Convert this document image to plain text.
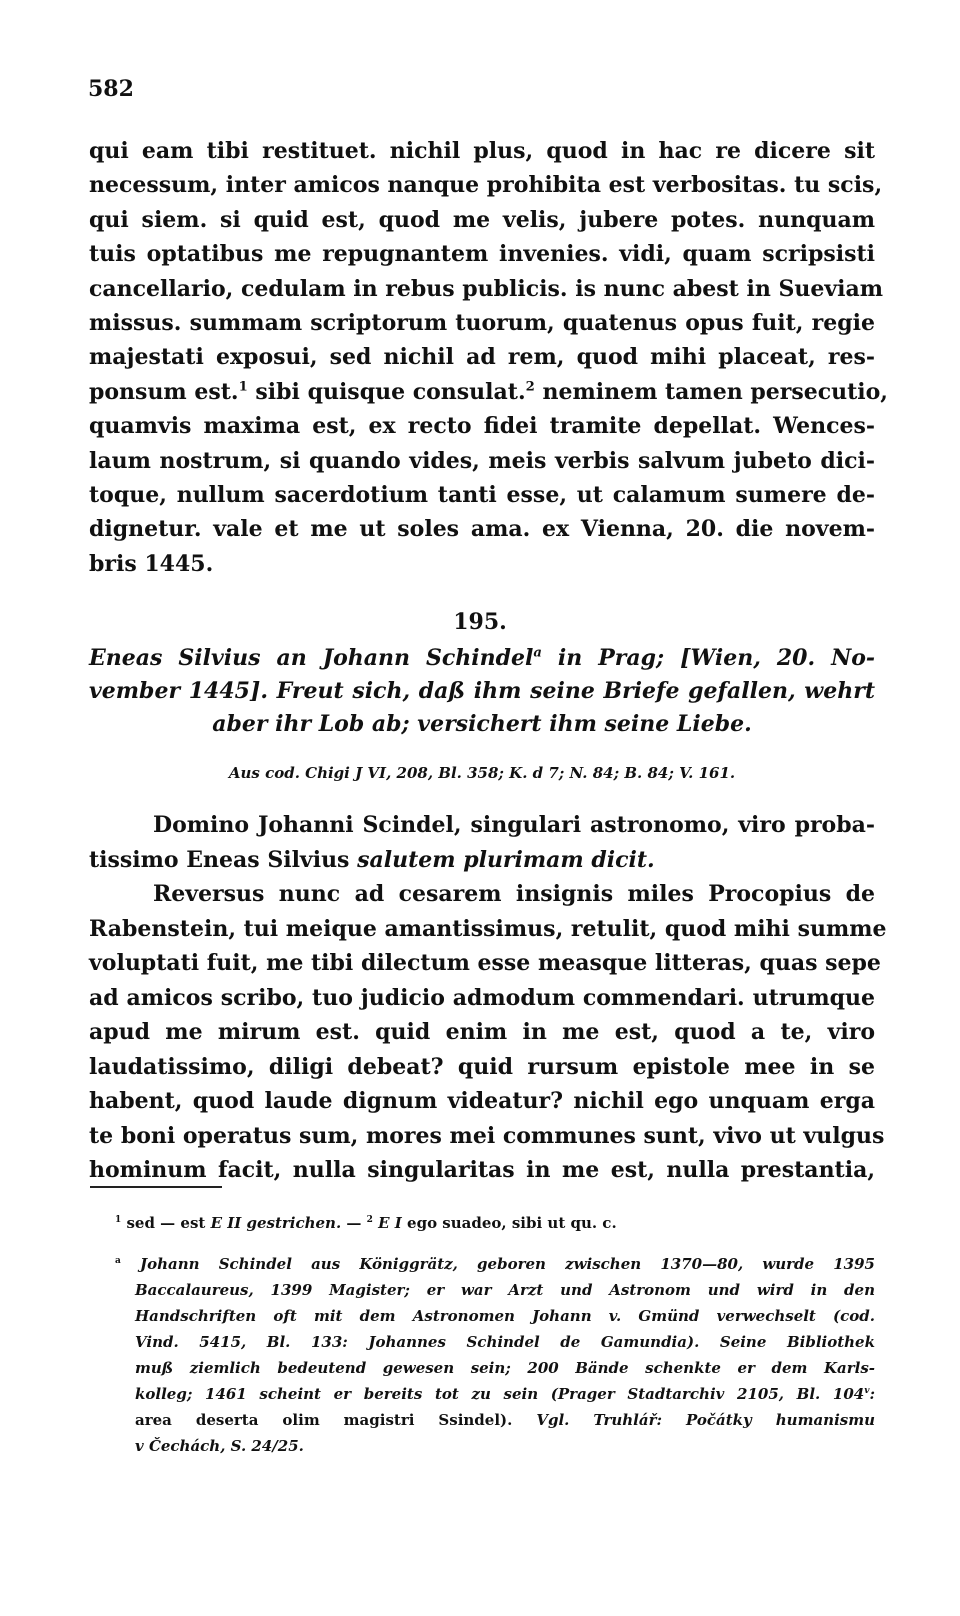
582
qui eam tibi restituet. nichil plus, quod in hac re dicere sit
necessum, inter amicos nanque prohibita est verbositas. tu scis,
qui siem. si quid est, quod me velis, jubere potes. nunquam
tuis optatibus me repugnantem invenies. vidi, quam scripsisti
cancellario, cedulam in rebus publicis. is nunc abest in Sueviam
missus. summam scriptorum tuorum, quatenus opus fuit, regie
majestati exposui, sed nichil ad rem, quod mihi placeat, res-
ponsum est.$^1$ sibi quisque consulat.$^2$ neminem tamen persecutio,
quamvis maxima est, ex recto fidei tramite depellat. Wences-
laum nostrum, si quando vides, meis verbis salvum jubeto dici-
toque, nullum sacerdotium tanti esse, ut calamum sumere de-
dignetur. vale et me ut soles ama. ex Vienna, 20. die novem-
bris 1445.
195.
Eneas Silvius an Johann Schindel$^a$ in Prag; [Wien, 20. No-
vember 1445]. Freut sich, daß ihm seine Briefe gefallen, wehrt
aber ihr Lob ab; versichert ihm seine Liebe.
Aus cod. Chigi J VI, 208, Bl. 358; K. d 7; N. 84; B. 84; V. 161.
Domino Johanni Scindel, singulari astronomo, viro proba-
tissimo Eneas Silvius salutem plurimam dicit.
Reversus nunc ad cesarem insignis miles Procopius de
Rabenstein, tui meique amantissimus, retulit, quod mihi summe
voluptati fuit, me tibi dilectum esse measque litteras, quas sepe
ad amicos scribo, tuo judicio admodum commendari. utrumque
apud me mirum est. quid enim in me est, quod a te, viro
laudatissimo, diligi debeat? quid rursum epistole mee in se
habent, quod laude dignum videatur? nichil ego unquam erga
te boni operatus sum, mores mei communes sunt, vivo ut vulgus
hominum facit, nulla singularitas in me est, nulla prestantia,
$^1$ sed — est E II gestrichen. — $^2$ E I ego suadeo, sibi ut qu. c.
$^a$ Johann Schindel aus Königgrätz, geboren zwischen 1370—80, wurde 1395
Baccalaureus, 1399 Magister; er war Arzt und Astronom und wird in den
Handschriften oft mit dem Astronomen Johann v. Gmünd verwechselt (cod.
Vind. 5415, Bl. 133: Johannes Schindel de Gamundia). Seine Bibliothek
muß ziemlich bedeutend gewesen sein; 200 Bände schenkte er dem Karls-
kolleg; 1461 scheint er bereits tot zu sein (Prager Stadtarchiv 2105, Bl. 104$^v$:
area deserta olim magistri Ssindel). Vgl. Truhlář: Počátky humanismu
v Čechách, S. 24/25.
